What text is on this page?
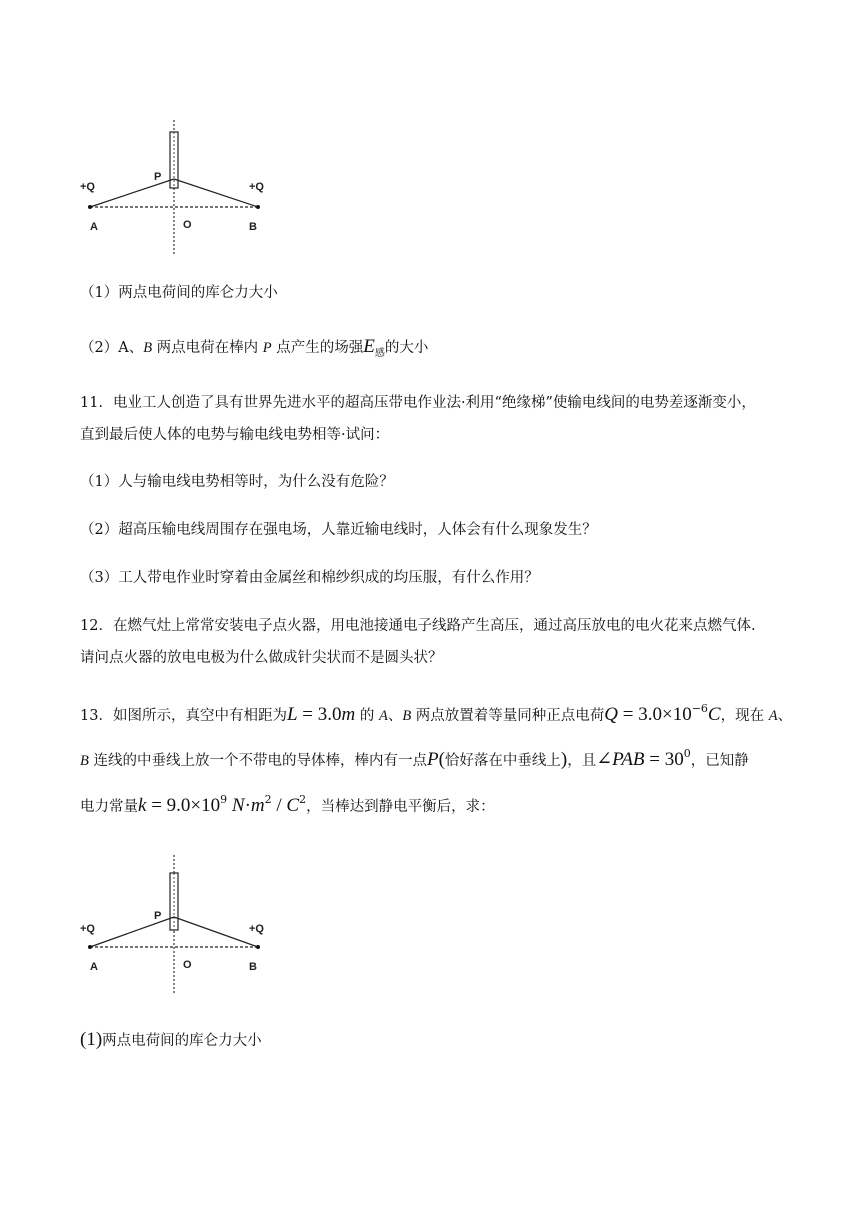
+Q	+Q
P
A	O	B
（1）两点电荷间的库仑力大小
（2）A、B 两点电荷在棒内 P 点产生的场强$E_感$的大小
11．电业工人创造了具有世界先进水平的超高压带电作业法·利用“绝缘梯”使输电线间的电势差逐渐变小，
直到最后使人体的电势与输电线电势相等·试问：
（1）人与输电线电势相等时，为什么没有危险？
（2）超高压输电线周围存在强电场，人靠近输电线时，人体会有什么现象发生？
（3）工人带电作业时穿着由金属丝和棉纱织成的均压服，有什么作用？
12．在燃气灶上常常安装电子点火器，用电池接通电子线路产生高压，通过高压放电的电火花来点燃气体.
请问点火器的放电电极为什么做成针尖状而不是圆头状？
13．如图所示，真空中有相距为L = 3.0m 的 A、B 两点放置着等量同种正点电荷$Q = 3.0\times 10^{-6}C$，现在 A、
B 连线的中垂线上放一个不带电的导体棒，棒内有一点P(恰好落在中垂线上)，且∠PAB = $30^0$，已知静
电力常量$k = 9.0\times 10^9$ $N\cdot m^2 / C^2$，当棒达到静电平衡后，求：
+Q	+Q
P
A	O	B
(1)两点电荷间的库仑力大小
